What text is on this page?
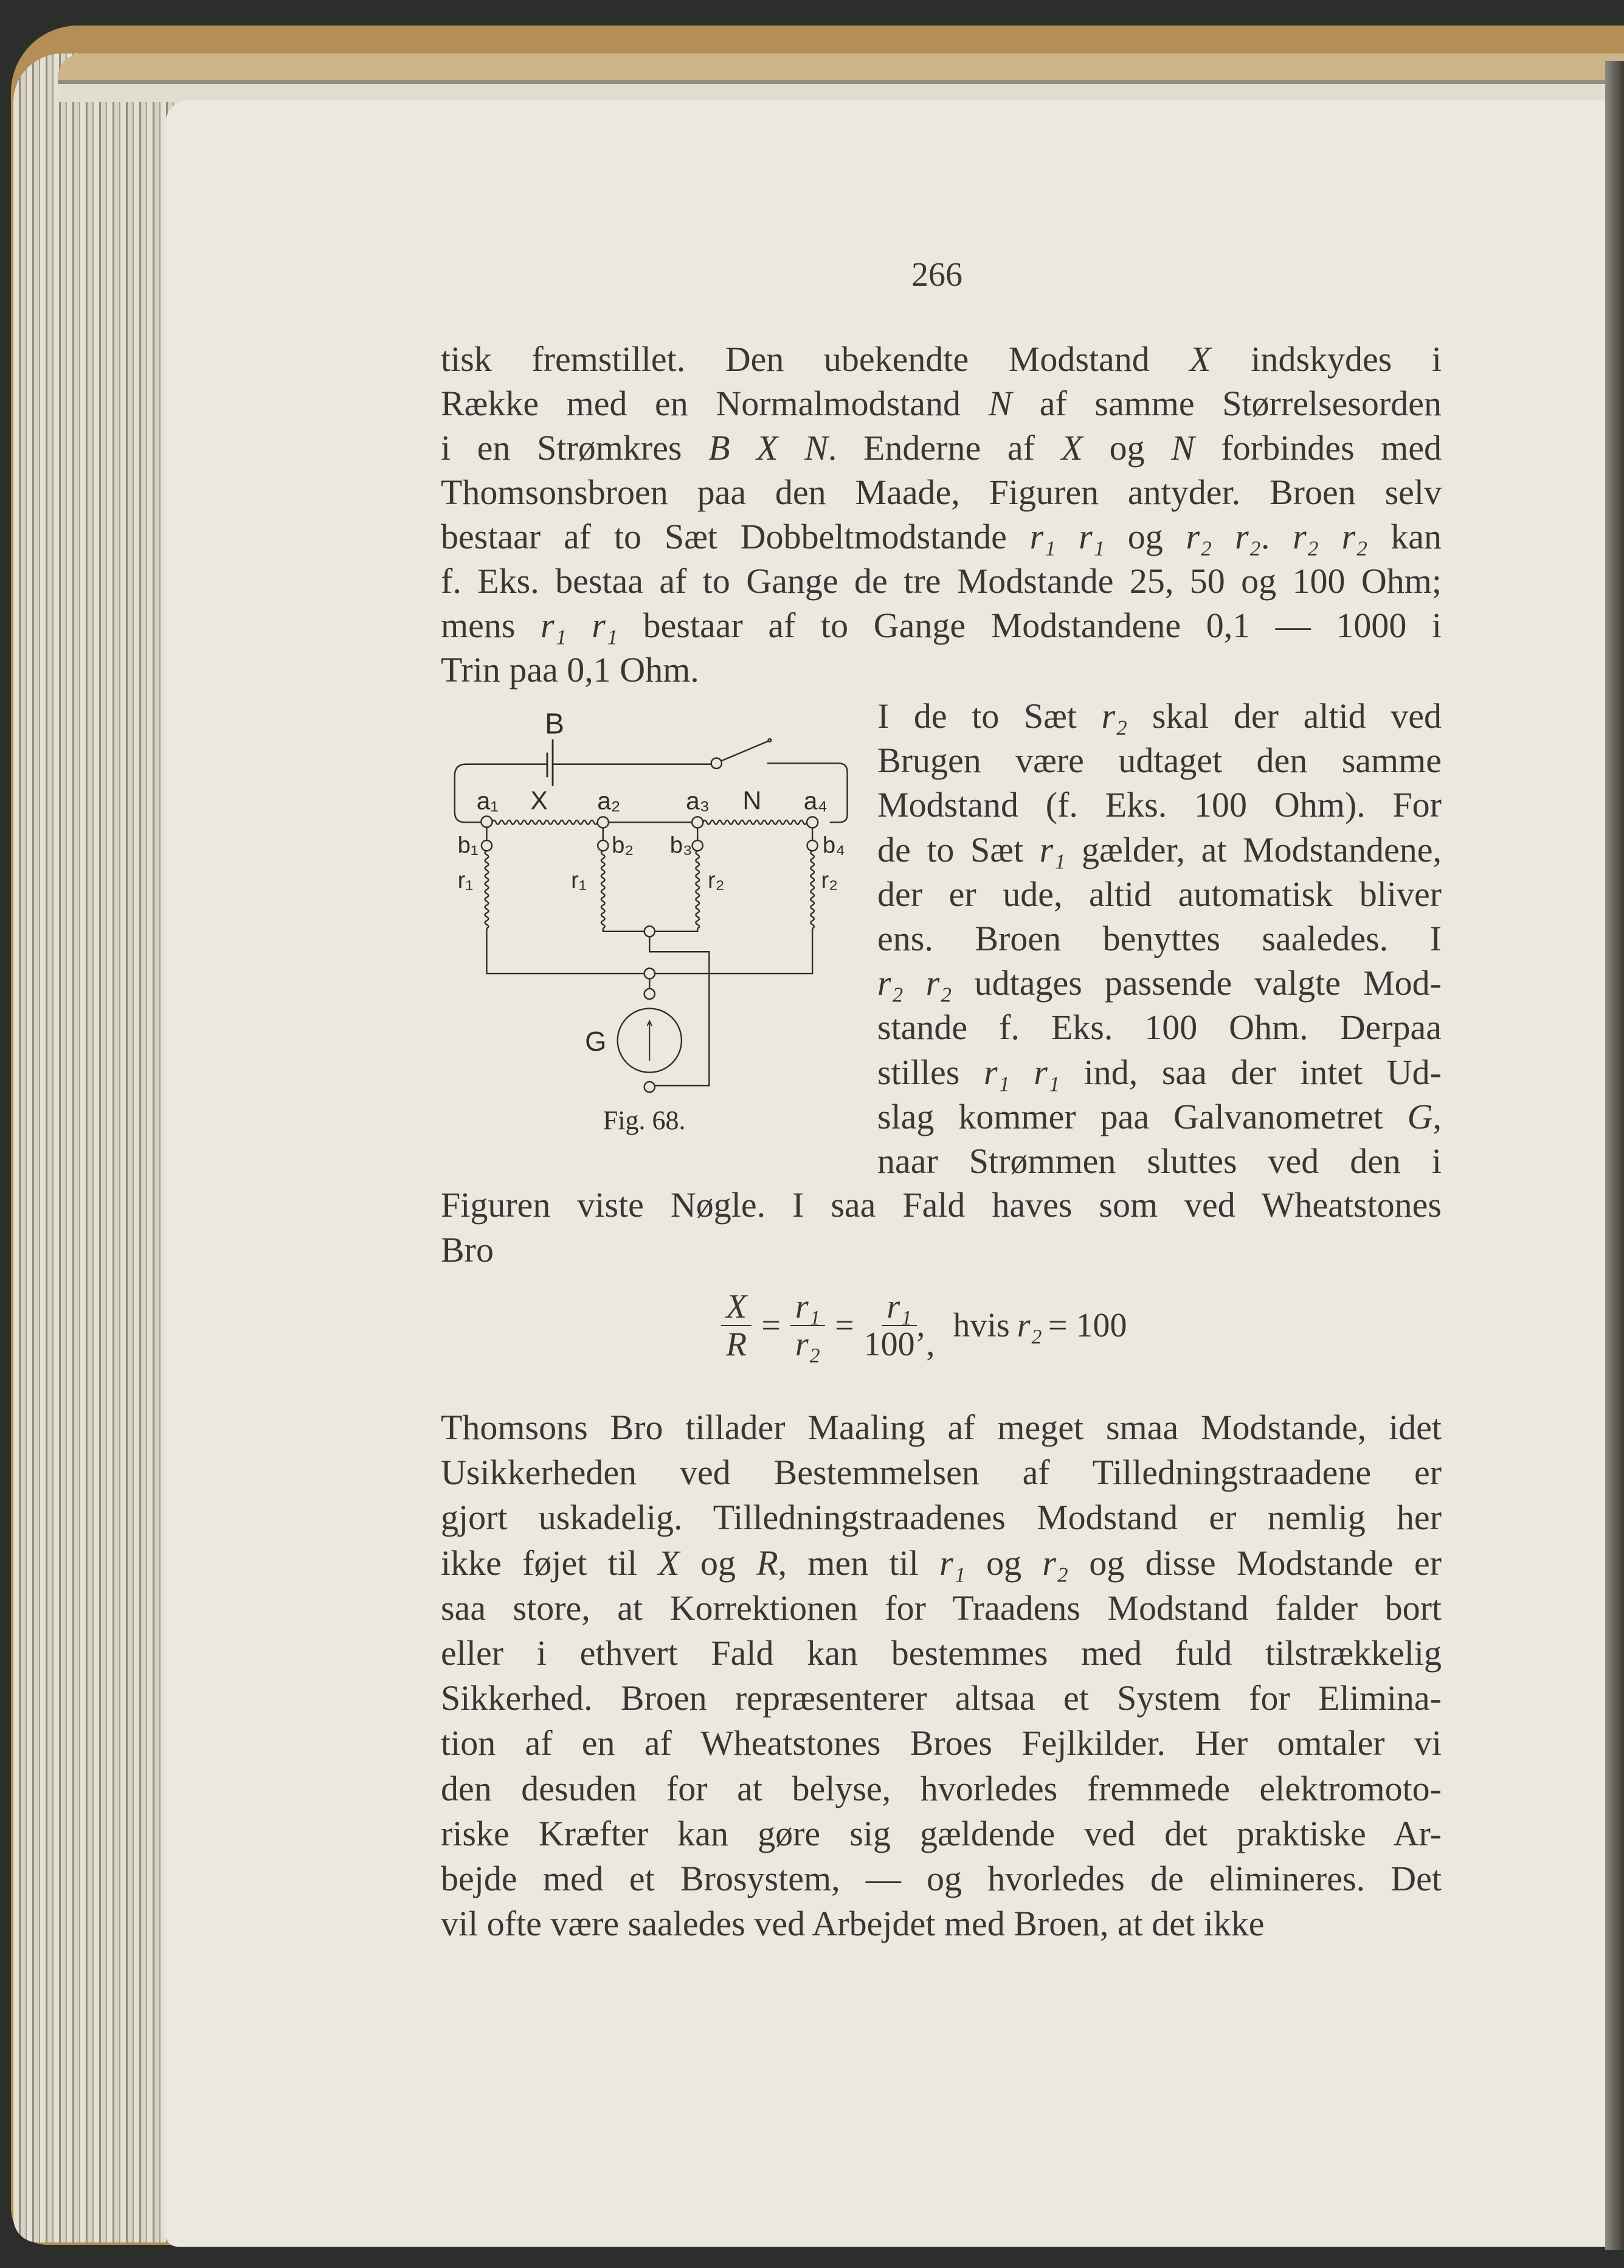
266
tisk fremstillet. Den ubekendte Modstand X indskydes i
Række med en Normalmodstand N af samme Størrelsesorden
i en Strømkres B X N. Enderne af X og N forbindes med
Thomsonsbroen paa den Maade, Figuren antyder. Broen selv
bestaar af to Sæt Dobbeltmodstande r₁ r₁ og r₂ r₂. r₂ r₂ kan
f. Eks. bestaa af to Gange de tre Modstande 25, 50 og 100 Ohm;
mens r₁ r₁ bestaar af to Gange Modstandene 0,1 — 1000 i
Trin paa 0,1 Ohm.
I de to Sæt r₂ skal der altid ved
Brugen være udtaget den samme
Modstand (f. Eks. 100 Ohm). For
de to Sæt r₁ gælder, at Modstandene,
der er ude, altid automatisk bliver
ens. Broen benyttes saaledes. I
r₂ r₂ udtages passende valgte Mod-
stande f. Eks. 100 Ohm. Derpaa
stilles r₁ r₁ ind, saa der intet Ud-
slag kommer paa Galvanometret G,
naar Strømmen sluttes ved den i
Figuren viste Nøgle. I saa Fald haves som ved Wheatstones
Bro
$\frac{X}{R} = \frac{\text{r₁}}{\text{r₂}} = \frac{\text{r₁}}{100’,}$ hvis r₂ = 100
Thomsons Bro tillader Maaling af meget smaa Modstande, idet
Usikkerheden ved Bestemmelsen af Tilledningstraadene er
gjort uskadelig. Tilledningstraadenes Modstand er nemlig her
ikke føjet til X og R, men til r₁ og r₂ og disse Modstande er
saa store, at Korrektionen for Traadens Modstand falder bort
eller i ethvert Fald kan bestemmes med fuld tilstrækkelig
Sikkerhed. Broen repræsenterer altsaa et System for Elimina-
tion af en af Wheatstones Broes Fejlkilder. Her omtaler vi
den desuden for at belyse, hvorledes fremmede elektromoto-
riske Kræfter kan gøre sig gældende ved det praktiske Ar-
bejde med et Brosystem, — og hvorledes de elimineres. Det
vil ofte være saaledes ved Arbejdet med Broen, at det ikke
B
X	N
G
a₁ a₂ a₃ a₄
b₁	b₂ b₃	b₄
r₁ r₁ r₂ r₂
Fig. 68.
